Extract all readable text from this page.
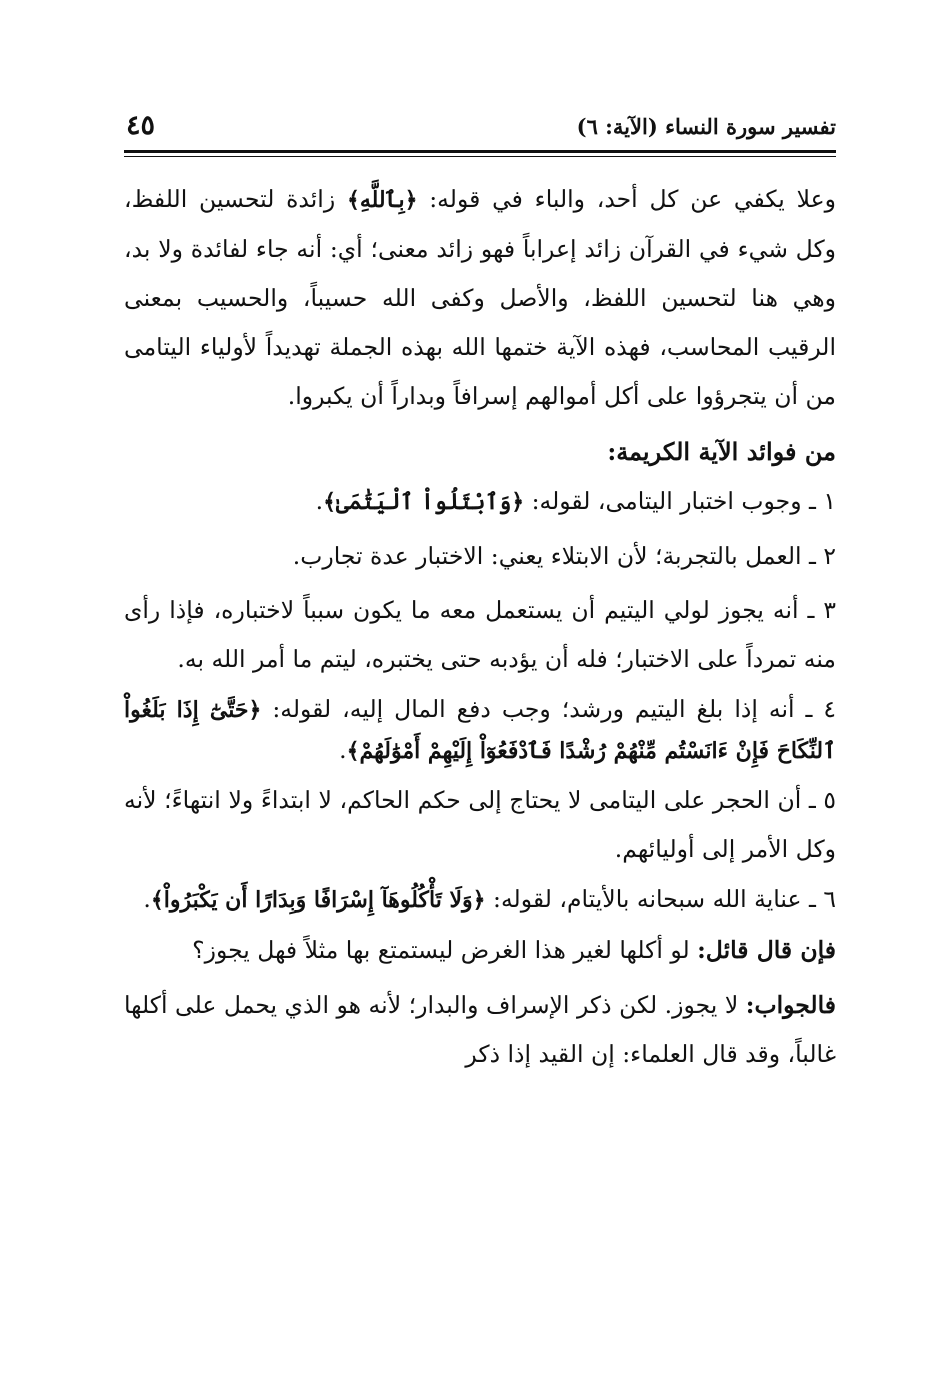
تفسير سورة النساء (الآية: ٦)
٤٥

وعلا يكفي عن كل أحد، والباء في قوله: ﴿بِٱللَّهِ﴾ زائدة لتحسين اللفظ، وكل شيء في القرآن زائد إعراباً فهو زائد معنى؛ أي: أنه جاء لفائدة ولا بد، وهي هنا لتحسين اللفظ، والأصل وكفى الله حسيباً، والحسيب بمعنى الرقيب المحاسب، فهذه الآية ختمها الله بهذه الجملة تهديداً لأولياء اليتامى من أن يتجرؤوا على أكل أموالهم إسرافاً وبداراً أن يكبروا.

من فوائد الآية الكريمة:

١ ـ وجوب اختبار اليتامى، لقوله: ﴿وَٱبْتَلُواْ ٱلْيَتَٰمَىٰ﴾.

٢ ـ العمل بالتجربة؛ لأن الابتلاء يعني: الاختبار عدة تجارب.

٣ ـ أنه يجوز لولي اليتيم أن يستعمل معه ما يكون سبباً لاختباره، فإذا رأى منه تمرداً على الاختبار؛ فله أن يؤدبه حتى يختبره، ليتم ما أمر الله به.

٤ ـ أنه إذا بلغ اليتيم ورشد؛ وجب دفع المال إليه، لقوله: ﴿حَتَّىٰٓ إِذَا بَلَغُواْ ٱلنِّكَاحَ فَإِنْ ءَانَسْتُم مِّنْهُمْ رُشْدًا فَٱدْفَعُوٓاْ إِلَيْهِمْ أَمْوَٰلَهُمْ﴾.

٥ ـ أن الحجر على اليتامى لا يحتاج إلى حكم الحاكم، لا ابتداءً ولا انتهاءً؛ لأنه وكل الأمر إلى أوليائهم.

٦ ـ عناية الله سبحانه بالأيتام، لقوله: ﴿وَلَا تَأْكُلُوهَآ إِسْرَافًا وَبِدَارًا أَن يَكْبَرُواْ﴾.

فإن قال قائل: لو أكلها لغير هذا الغرض ليستمتع بها مثلاً فهل يجوز؟

فالجواب: لا يجوز. لكن ذكر الإسراف والبدار؛ لأنه هو الذي يحمل على أكلها غالباً، وقد قال العلماء: إن القيد إذا ذكر
